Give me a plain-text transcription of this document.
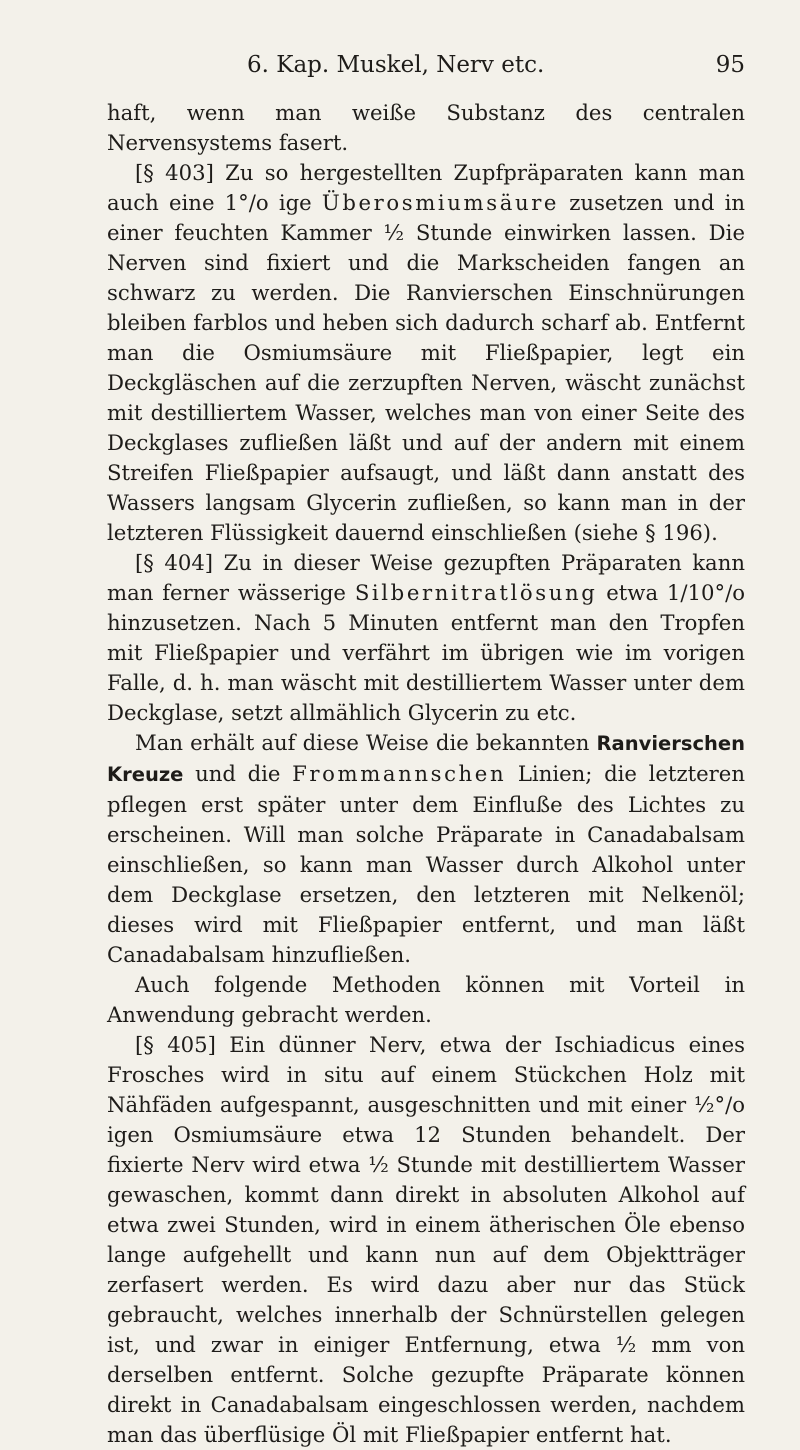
6. Kap. Muskel, Nerv etc.	95

haft, wenn man weiße Substanz des centralen Nervensystems fasert.

[§ 403] Zu so hergestellten Zupfpräparaten kann man auch eine 1°/o ige Überosmiumsäure zusetzen und in einer feuchten Kammer ½ Stunde einwirken lassen. Die Nerven sind fixiert und die Markscheiden fangen an schwarz zu werden. Die Ranvierschen Einschnürungen bleiben farblos und heben sich dadurch scharf ab. Entfernt man die Osmiumsäure mit Fließpapier, legt ein Deckgläschen auf die zerzupften Nerven, wäscht zunächst mit destilliertem Wasser, welches man von einer Seite des Deckglases zufließen läßt und auf der andern mit einem Streifen Fließpapier aufsaugt, und läßt dann anstatt des Wassers langsam Glycerin zufließen, so kann man in der letzteren Flüssigkeit dauernd einschließen (siehe § 196).

[§ 404] Zu in dieser Weise gezupften Präparaten kann man ferner wässerige Silbernitratlösung etwa 1/10°/o hinzusetzen. Nach 5 Minuten entfernt man den Tropfen mit Fließpapier und verfährt im übrigen wie im vorigen Falle, d. h. man wäscht mit destilliertem Wasser unter dem Deckglase, setzt allmählich Glycerin zu etc.

Man erhält auf diese Weise die bekannten Ranvierschen Kreuze und die Frommannschen Linien; die letzteren pflegen erst später unter dem Einfluße des Lichtes zu erscheinen. Will man solche Präparate in Canadabalsam einschließen, so kann man Wasser durch Alkohol unter dem Deckglase ersetzen, den letzteren mit Nelkenöl; dieses wird mit Fließpapier entfernt, und man läßt Canadabalsam hinzufließen.

Auch folgende Methoden können mit Vorteil in Anwendung gebracht werden.

[§ 405] Ein dünner Nerv, etwa der Ischiadicus eines Frosches wird in situ auf einem Stückchen Holz mit Nähfäden aufgespannt, ausgeschnitten und mit einer ½°/o igen Osmiumsäure etwa 12 Stunden behandelt. Der fixierte Nerv wird etwa ½ Stunde mit destilliertem Wasser gewaschen, kommt dann direkt in absoluten Alkohol auf etwa zwei Stunden, wird in einem ätherischen Öle ebenso lange aufgehellt und kann nun auf dem Objektträger zerfasert werden. Es wird dazu aber nur das Stück gebraucht, welches innerhalb der Schnürstellen gelegen ist, und zwar in einiger Entfernung, etwa ½ mm von derselben entfernt. Solche gezupfte Präparate können direkt in Canadabalsam eingeschlossen werden, nachdem man das überflüsige Öl mit Fließpapier entfernt hat.
